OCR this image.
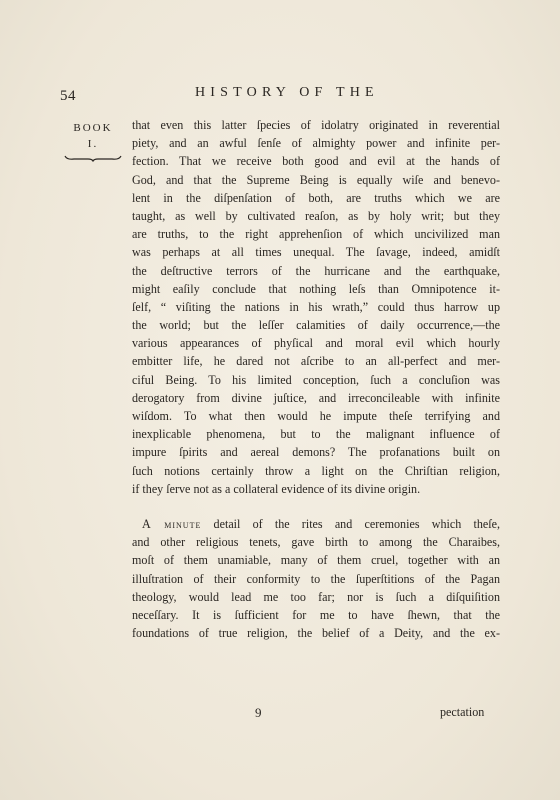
54	HISTORY OF THE
BOOK
I.
that even this latter ſpecies of idolatry originated in reverential
piety, and an awful ſenſe of almighty power and infinite per-
fection. That we receive both good and evil at the hands of
God, and that the Supreme Being is equally wiſe and benevo-
lent in the diſpenſation of both, are truths which we are
taught, as well by cultivated reaſon, as by holy writ; but they
are truths, to the right apprehenſion of which uncivilized man
was perhaps at all times unequal. The ſavage, indeed, amidſt
the deſtructive terrors of the hurricane and the earthquake,
might eaſily conclude that nothing leſs than Omnipotence it-
ſelf, “ viſiting the nations in his wrath,” could thus harrow up
the world; but the leſſer calamities of daily occurrence,—the
various appearances of phyſical and moral evil which hourly
embitter life, he dared not aſcribe to an all-perfect and mer-
ciful Being. To his limited conception, ſuch a concluſion was
derogatory from divine juſtice, and irreconcileable with infinite
wiſdom. To what then would he impute theſe terrifying and
inexplicable phenomena, but to the malignant influence of
impure ſpirits and aereal demons? The profanations built on
ſuch notions certainly throw a light on the Chriſtian religion,
if they ſerve not as a collateral evidence of its divine origin.
A minute detail of the rites and ceremonies which theſe,
and other religious tenets, gave birth to among the Charaibes,
moſt of them unamiable, many of them cruel, together with an
illuſtration of their conformity to the ſuperſtitions of the Pagan
theology, would lead me too far; nor is ſuch a diſquiſition
neceſſary. It is ſufficient for me to have ſhewn, that the
foundations of true religion, the belief of a Deity, and the ex-
9	pectation
